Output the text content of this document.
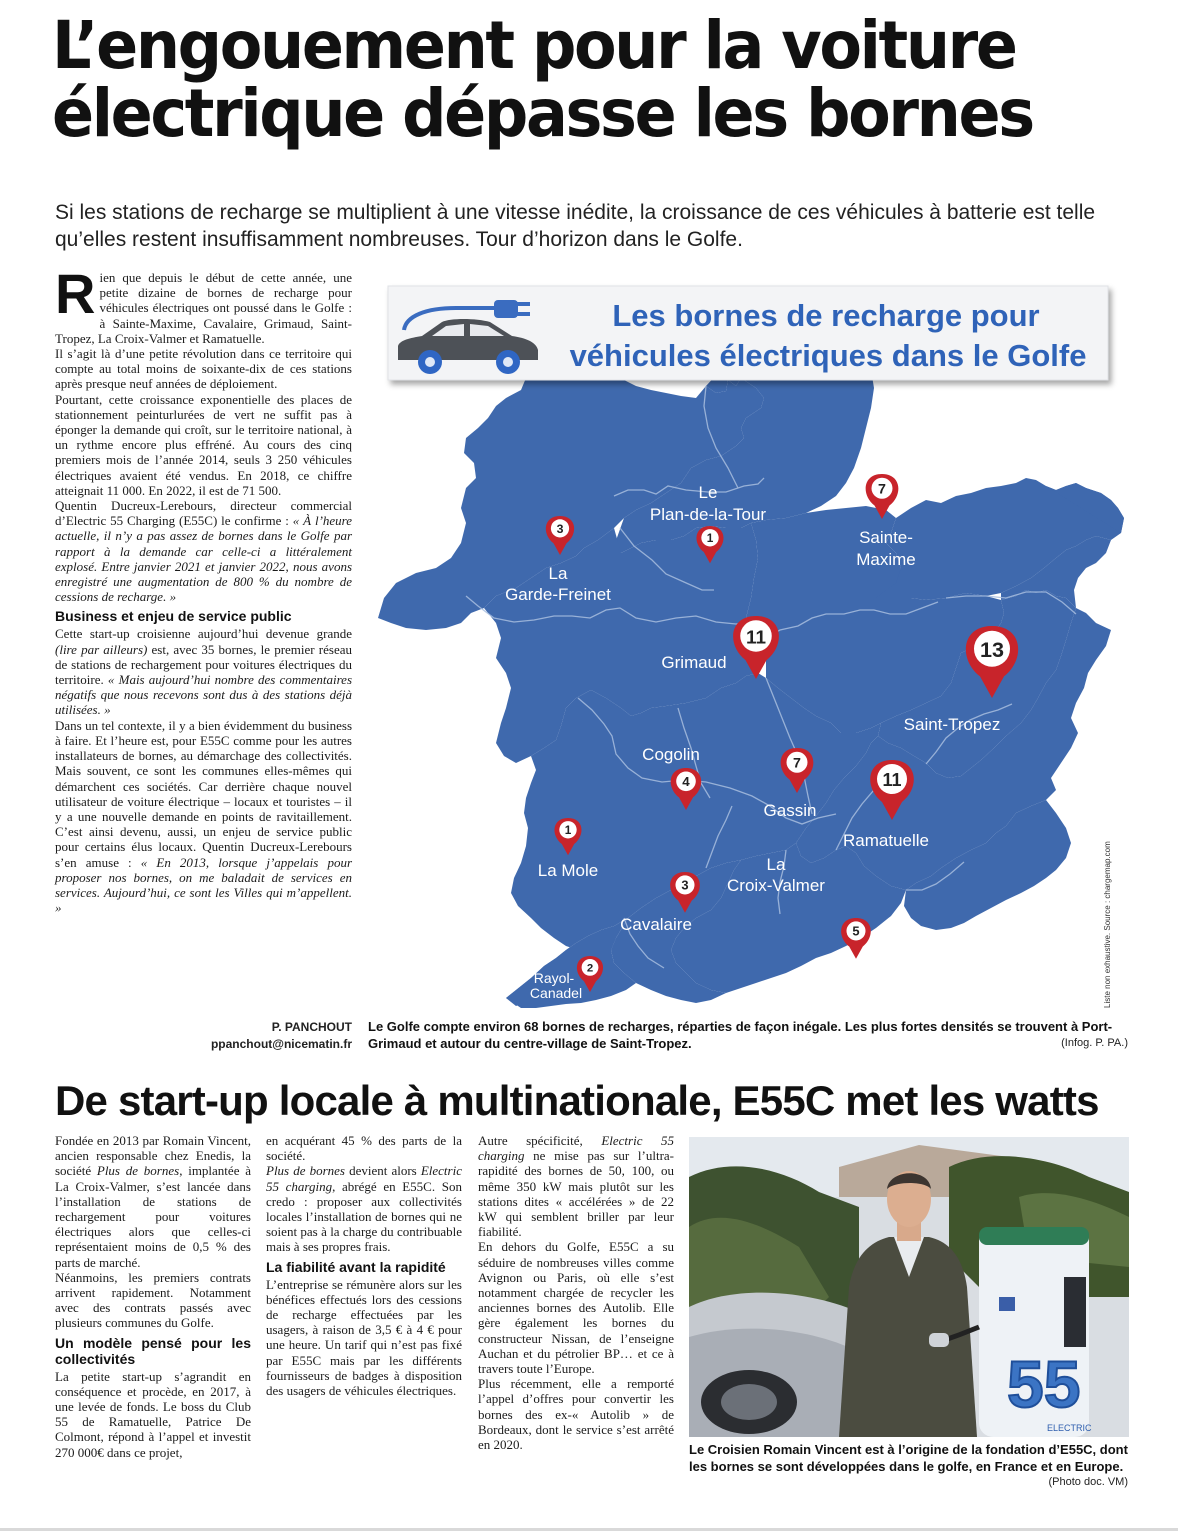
L’engouement pour la voiture électrique dépasse les bornes

Si les stations de recharge se multiplient à une vitesse inédite, la croissance de ces véhicules à batterie est telle qu’elles restent insuffisamment nombreuses. Tour d’horizon dans le Golfe.

Rien que depuis le début de cette année, une petite dizaine de bornes de recharge pour véhicules électriques ont poussé dans le Golfe : à Sainte-Maxime, Cavalaire, Grimaud, Saint-Tropez, La Croix-Valmer et Ramatuelle.

Il s’agit là d’une petite révolution dans ce territoire qui compte au total moins de soixante-dix de ces stations après presque neuf années de déploiement.

Pourtant, cette croissance exponentielle des places de stationnement peinturlurées de vert ne suffit pas à éponger la demande qui croît, sur le territoire national, à un rythme encore plus effréné. Au cours des cinq premiers mois de l’année 2014, seuls 3 250 véhicules électriques avaient été vendus. En 2018, ce chiffre atteignait 11 000. En 2022, il est de 71 500.

Quentin Ducreux-Lerebours, directeur commercial d’Electric 55 Charging (E55C) le confirme : « À l’heure actuelle, il n’y a pas assez de bornes dans le Golfe par rapport à la demande car celle-ci a littéralement explosé. Entre janvier 2021 et janvier 2022, nous avons enregistré une augmentation de 800 % du nombre de cessions de recharge. »

Business et enjeu de service public

Cette start-up croisienne aujourd’hui devenue grande (lire par ailleurs) est, avec 35 bornes, le premier réseau de stations de rechargement pour voitures électriques du territoire. « Mais aujourd’hui nombre des commentaires négatifs que nous recevons sont dus à des stations déjà utilisées. »

Dans un tel contexte, il y a bien évidemment du business à faire. Et l’heure est, pour E55C comme pour les autres installateurs de bornes, au démarchage des collectivités. Mais souvent, ce sont les communes elles-mêmes qui démarchent ces sociétés. Car derrière chaque nouvel utilisateur de voiture électrique – locaux et touristes – il y a une nouvelle demande en points de ravitaillement. C’est ainsi devenu, aussi, un enjeu de service public pour certains élus locaux. Quentin Ducreux-Lerebours s’en amuse : « En 2013, lorsque j’appelais pour proposer nos bornes, on me baladait de services en services. Aujourd’hui, ce sont les Villes qui m’appellent. »

P. PANCHOUT
ppanchout@nicematin.fr
Les bornes de recharge pour
véhicules électriques dans le Golfe
Le
Plan-de-la-Tour
Sainte-
Maxime
La
Garde-Freinet
Grimaud
Saint-Tropez
Cogolin
Gassin
Ramatuelle
La Mole	La
Croix-Valmer
Cavalaire
Rayol-
Canadel
1
7
3
11	13
4
7
11
1
5
3
2	Liste non exhaustive. Source : chargemap.com
Le Golfe compte environ 68 bornes de recharges, réparties de façon inégale. Les plus fortes densités se trouvent à Port-Grimaud et autour du centre-village de Saint-Tropez.	(Infog. P. PA.)
De start-up locale à multinationale, E55C met les watts

Fondée en 2013 par Romain Vincent, ancien responsable chez Enedis, la société Plus de bornes, implantée à La Croix-Valmer, s’est lancée dans l’installation de stations de rechargement pour voitures électriques alors que celles-ci représentaient moins de 0,5 % des parts de marché.

Néanmoins, les premiers contrats arrivent rapidement. Notamment avec des contrats passés avec plusieurs communes du Golfe.

Un modèle pensé pour les collectivités

La petite start-up s’agrandit en conséquence et procède, en 2017, à une levée de fonds. Le boss du Club 55 de Ramatuelle, Patrice De Colmont, répond à l’appel et investit 270 000€ dans ce projet,

en acquérant 45 % des parts de la société.

Plus de bornes devient alors Electric 55 charging, abrégé en E55C. Son credo : proposer aux collectivités locales l’installation de bornes qui ne soient pas à la charge du contribuable mais à ses propres frais.

La fiabilité avant la rapidité

L’entreprise se rémunère alors sur les bénéfices effectués lors des cessions de recharge effectuées par les usagers, à raison de 3,5 € à 4 € pour une heure. Un tarif qui n’est pas fixé par E55C mais par les différents fournisseurs de badges à disposition des usagers de véhicules électriques.

Autre spécificité, Electric 55 charging ne mise pas sur l’ultra-rapidité des bornes de 50, 100, ou même 350 kW mais plutôt sur les stations dites « accélérées » de 22 kW qui semblent briller par leur fiabilité.

En dehors du Golfe, E55C a su séduire de nombreuses villes comme Avignon ou Paris, où elle s’est notamment chargée de recycler les anciennes bornes des Autolib. Elle gère également les bornes du constructeur Nissan, de l’enseigne Auchan et du pétrolier BP… et ce à travers toute l’Europe.

Plus récemment, elle a remporté l’appel d’offres pour convertir les bornes des ex-« Autolib » de Bordeaux, dont le service s’est arrêté en 2020.

55
ELECTRIC
Le Croisien Romain Vincent est à l’origine de la fondation d’E55C, dont les bornes se sont développées dans le golfe, en France et en Europe.
(Photo doc. VM)
